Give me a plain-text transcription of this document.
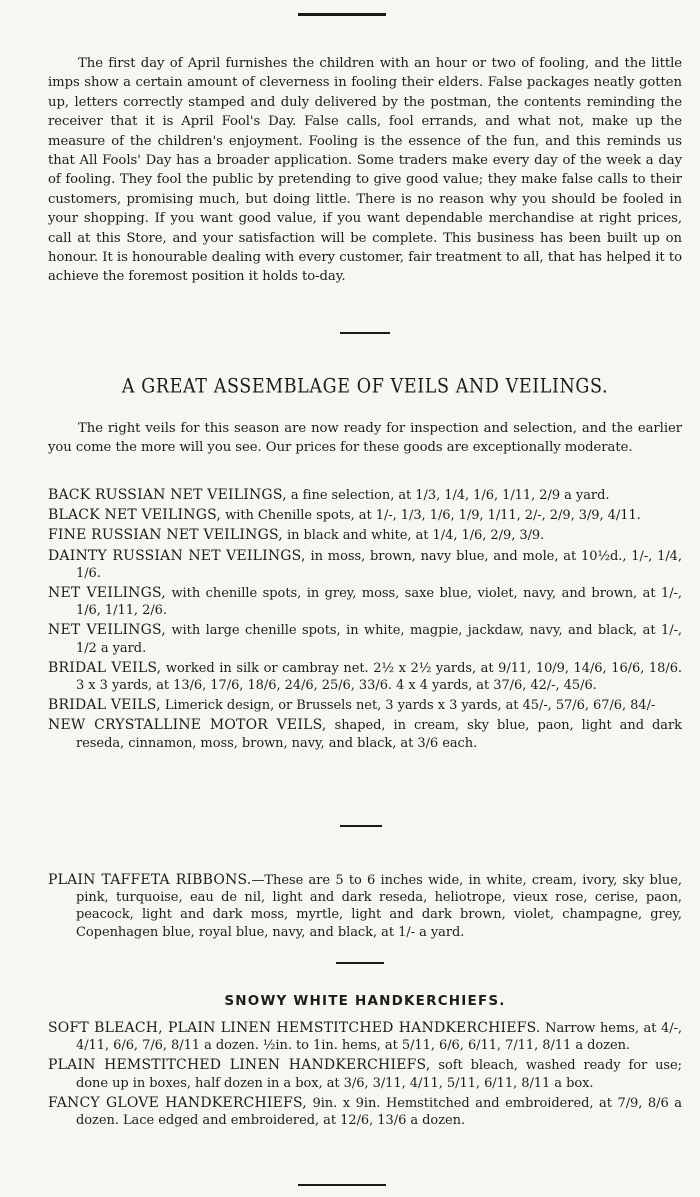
The first day of April furnishes the children with an hour or two of fooling, and the little imps show a certain amount of cleverness in fooling their elders. False packages neatly gotten up, letters correctly stamped and duly delivered by the postman, the contents reminding the receiver that it is April Fool's Day. False calls, fool errands, and what not, make up the measure of the children's enjoyment. Fooling is the essence of the fun, and this reminds us that All Fools' Day has a broader application. Some traders make every day of the week a day of fooling. They fool the public by pretending to give good value; they make false calls to their customers, promising much, but doing little. There is no reason why you should be fooled in your shopping. If you want good value, if you want dependable merchandise at right prices, call at this Store, and your satisfaction will be complete. This business has been built up on honour. It is honourable dealing with every customer, fair treatment to all, that has helped it to achieve the foremost position it holds to-day.

A GREAT ASSEMBLAGE OF VEILS AND VEILINGS.

The right veils for this season are now ready for inspection and selection, and the earlier you come the more will you see. Our prices for these goods are exceptionally moderate.

BACK RUSSIAN NET VEILINGS, a fine selection, at 1/3, 1/4, 1/6, 1/11, 2/9 a yard.
BLACK NET VEILINGS, with Chenille spots, at 1/-, 1/3, 1/6, 1/9, 1/11, 2/-, 2/9, 3/9, 4/11.
FINE RUSSIAN NET VEILINGS, in black and white, at 1/4, 1/6, 2/9, 3/9.
DAINTY RUSSIAN NET VEILINGS, in moss, brown, navy blue, and mole, at 10½d., 1/-, 1/4, 1/6.
NET VEILINGS, with chenille spots, in grey, moss, saxe blue, violet, navy, and brown, at 1/-, 1/6, 1/11, 2/6.
NET VEILINGS, with large chenille spots, in white, magpie, jackdaw, navy, and black, at 1/-, 1/2 a yard.
BRIDAL VEILS, worked in silk or cambray net. 2½ x 2½ yards, at 9/11, 10/9, 14/6, 16/6, 18/6. 3 x 3 yards, at 13/6, 17/6, 18/6, 24/6, 25/6, 33/6. 4 x 4 yards, at 37/6, 42/-, 45/6.
BRIDAL VEILS, Limerick design, or Brussels net, 3 yards x 3 yards, at 45/-, 57/6, 67/6, 84/-
NEW CRYSTALLINE MOTOR VEILS, shaped, in cream, sky blue, paon, light and dark reseda, cinnamon, moss, brown, navy, and black, at 3/6 each.
PLAIN TAFFETA RIBBONS.—These are 5 to 6 inches wide, in white, cream, ivory, sky blue, pink, turquoise, eau de nil, light and dark reseda, heliotrope, vieux rose, cerise, paon, peacock, light and dark moss, myrtle, light and dark brown, violet, champagne, grey, Copenhagen blue, royal blue, navy, and black, at 1/- a yard.
SNOWY WHITE HANDKERCHIEFS.
SOFT BLEACH, PLAIN LINEN HEMSTITCHED HANDKERCHIEFS. Narrow hems, at 4/-, 4/11, 6/6, 7/6, 8/11 a dozen. ½in. to 1in. hems, at 5/11, 6/6, 6/11, 7/11, 8/11 a dozen.
PLAIN HEMSTITCHED LINEN HANDKERCHIEFS, soft bleach, washed ready for use; done up in boxes, half dozen in a box, at 3/6, 3/11, 4/11, 5/11, 6/11, 8/11 a box.
FANCY GLOVE HANDKERCHIEFS, 9in. x 9in. Hemstitched and embroidered, at 7/9, 8/6 a dozen. Lace edged and embroidered, at 12/6, 13/6 a dozen.
